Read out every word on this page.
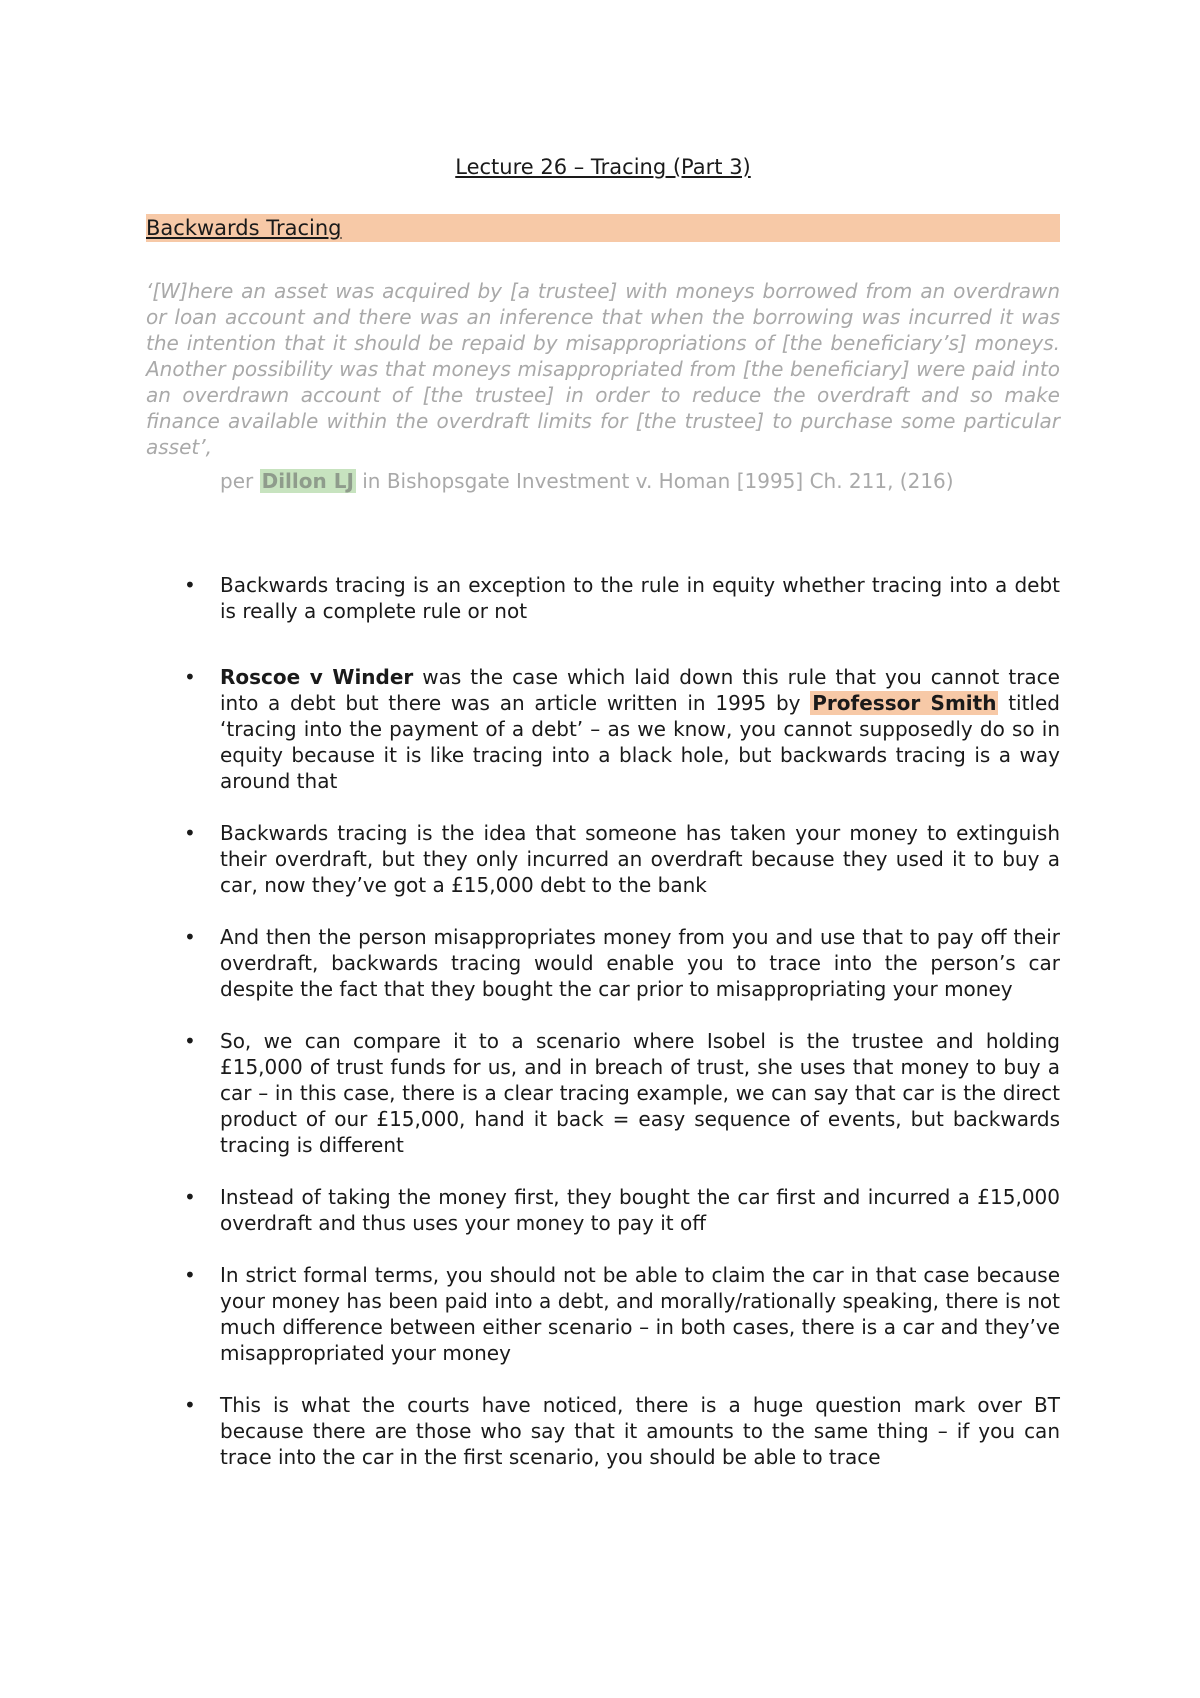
Lecture 26 – Tracing (Part 3)
Backwards Tracing

‘[W]here an asset was acquired by [a trustee] with moneys borrowed from an overdrawn or loan account and there was an inference that when the borrowing was incurred it was the intention that it should be repaid by misappropriations of [the beneficiary’s] moneys. Another possibility was that moneys misappropriated from [the beneficiary] were paid into an overdrawn account of [the trustee] in order to reduce the overdraft and so make finance available within the overdraft limits for [the trustee] to purchase some particular asset’,

per Dillon LJ in Bishopsgate Investment v. Homan [1995] Ch. 211, (216)

• Backwards tracing is an exception to the rule in equity whether tracing into a debt is really a complete rule or not
• Roscoe v Winder was the case which laid down this rule that you cannot trace into a debt but there was an article written in 1995 by Professor Smith titled ‘tracing into the payment of a debt’ – as we know, you cannot supposedly do so in equity because it is like tracing into a black hole, but backwards tracing is a way around that
• Backwards tracing is the idea that someone has taken your money to extinguish their overdraft, but they only incurred an overdraft because they used it to buy a car, now they’ve got a £15,000 debt to the bank
• And then the person misappropriates money from you and use that to pay off their overdraft, backwards tracing would enable you to trace into the person’s car despite the fact that they bought the car prior to misappropriating your money
• So, we can compare it to a scenario where Isobel is the trustee and holding £15,000 of trust funds for us, and in breach of trust, she uses that money to buy a car – in this case, there is a clear tracing example, we can say that car is the direct product of our £15,000, hand it back = easy sequence of events, but backwards tracing is different
• Instead of taking the money first, they bought the car first and incurred a £15,000 overdraft and thus uses your money to pay it off
• In strict formal terms, you should not be able to claim the car in that case because your money has been paid into a debt, and morally/rationally speaking, there is not much difference between either scenario – in both cases, there is a car and they’ve misappropriated your money
• This is what the courts have noticed, there is a huge question mark over BT because there are those who say that it amounts to the same thing – if you can trace into the car in the first scenario, you should be able to trace
